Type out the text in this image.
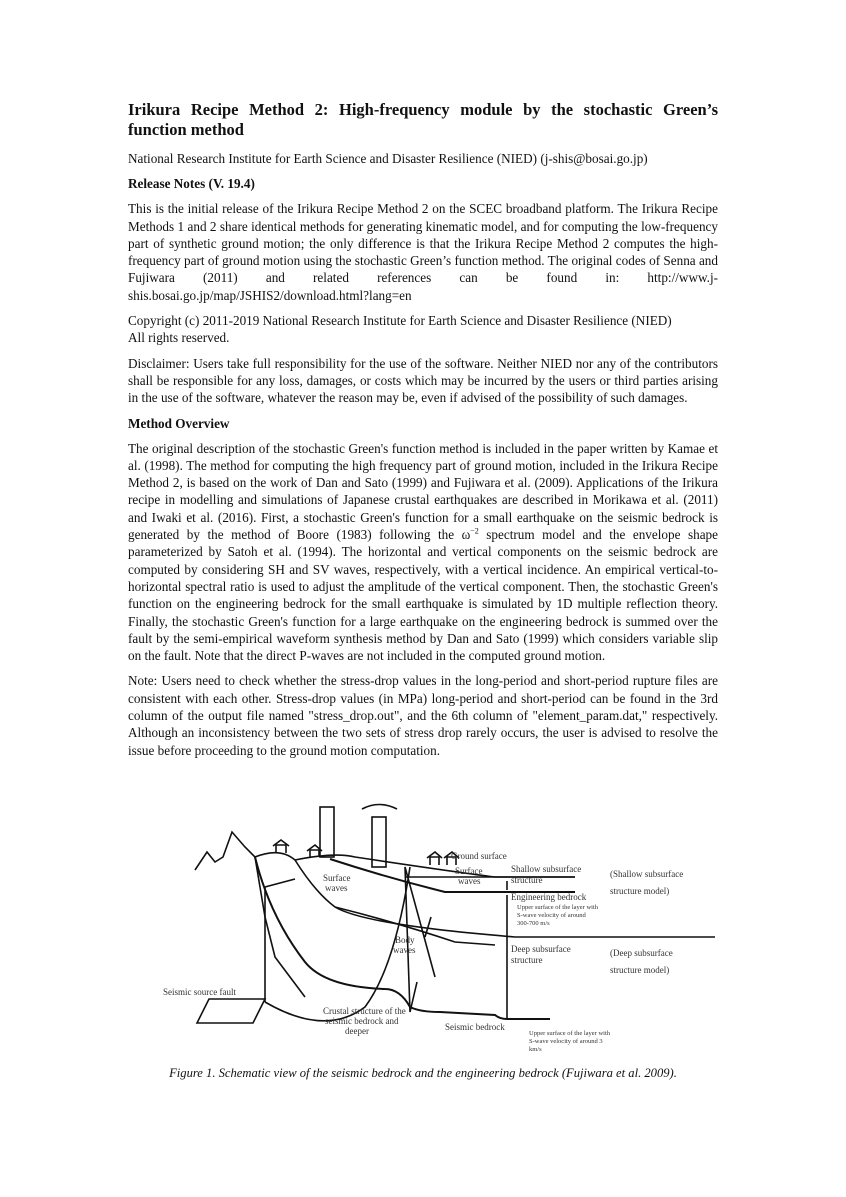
Irikura Recipe Method 2: High-frequency module by the stochastic Green’s
function method

National Research Institute for Earth Science and Disaster Resilience (NIED) (j-shis@bosai.go.jp)

Release Notes (V. 19.4)

This is the initial release of the Irikura Recipe Method 2 on the SCEC broadband platform. The Irikura Recipe Methods 1 and 2 share identical methods for generating kinematic model, and for computing the low-frequency part of synthetic ground motion; the only difference is that the Irikura Recipe Method 2 computes the high-frequency part of ground motion using the stochastic Green’s function method. The original codes of Senna and Fujiwara (2011) and related references can be found in: http://www.j-shis.bosai.go.jp/map/JSHIS2/download.html?lang=en

Copyright (c) 2011-2019 National Research Institute for Earth Science and Disaster Resilience (NIED)
All rights reserved.

Disclaimer: Users take full responsibility for the use of the software. Neither NIED nor any of the contributors shall be responsible for any loss, damages, or costs which may be incurred by the users or third parties arising in the use of the software, whatever the reason may be, even if advised of the possibility of such damages.

Method Overview

The original description of the stochastic Green's function method is included in the paper written by Kamae et al. (1998). The method for computing the high frequency part of ground motion, included in the Irikura Recipe Method 2, is based on the work of Dan and Sato (1999) and Fujiwara et al. (2009). Applications of the Irikura recipe in modelling and simulations of Japanese crustal earthquakes are described in Morikawa et al. (2011) and Iwaki et al. (2016). First, a stochastic Green's function for a small earthquake on the seismic bedrock is generated by the method of Boore (1983) following the $\omega^{-2}$ spectrum model and the envelope shape parameterized by Satoh et al. (1994). The horizontal and vertical components on the seismic bedrock are computed by considering SH and SV waves, respectively, with a vertical incidence. An empirical vertical-to-horizontal spectral ratio is used to adjust the amplitude of the vertical component. Then, the stochastic Green's function on the engineering bedrock for the small earthquake is simulated by 1D multiple reflection theory. Finally, the stochastic Green's function for a large earthquake on the engineering bedrock is summed over the fault by the semi-empirical waveform synthesis method by Dan and Sato (1999) which considers variable slip on the fault. Note that the direct P-waves are not included in the computed ground motion.

Note: Users need to check whether the stress-drop values in the long-period and short-period rupture files are consistent with each other. Stress-drop values (in MPa) long-period and short-period can be found in the 3rd column of the output file named "stress_drop.out", and the 6th column of "element_param.dat," respectively. Although an inconsistency between the two sets of stress drop rarely occurs, the user is advised to resolve the issue before proceeding to the ground motion computation.

Ground surface
Surface
waves
Surface
waves
Shallow subsurface
structure
(Shallow subsurface
structure model)
Engineering bedrock
Upper surface of the layer with
S-wave velocity of around
300-700 m/s
Deep subsurface
structure
(Deep subsurface
structure model)
Body
waves
Seismic source fault
Crustal structure of the
seismic bedrock and
deeper	Seismic bedrock
Upper surface of the layer with
S-wave velocity of around 3
km/s
Figure 1. Schematic view of the seismic bedrock and the engineering bedrock (Fujiwara et al. 2009).
